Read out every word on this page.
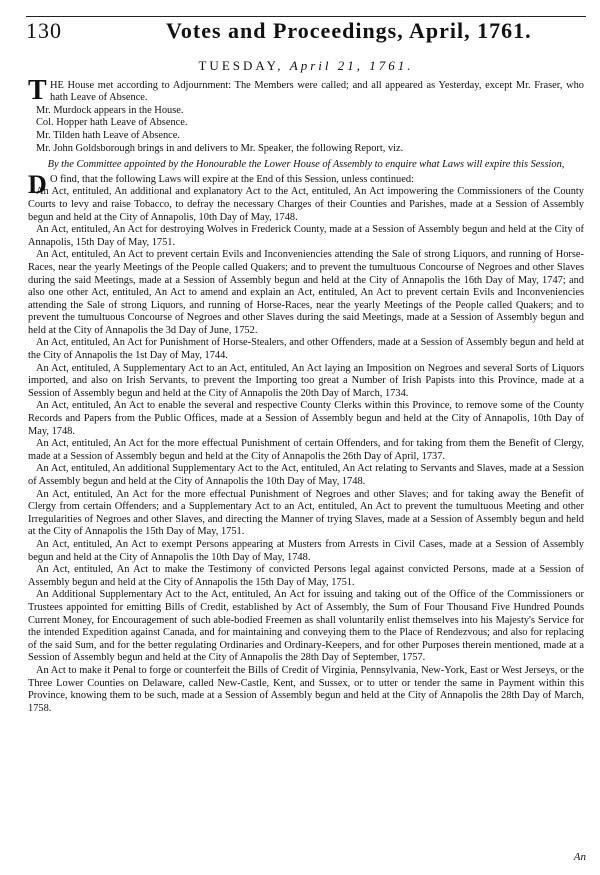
130	Votes and Proceedings, April, 1761.
TUESDAY, April 21, 1761.
T HE House met according to Adjournment: The Members were called; and all appeared as Yesterday, except Mr. Fraser, who hath Leave of Absence.

Mr. Murdock appears in the House.

Col. Hopper hath Leave of Absence.

Mr. Tilden hath Leave of Absence.

Mr. John Goldsborough brings in and delivers to Mr. Speaker, the following Report, viz.

By the Committee appointed by the Honourable the Lower House of Assembly to enquire what Laws will expire this Session,

D O find, that the following Laws will expire at the End of this Session, unless continued:

An Act, entituled, An additional and explanatory Act to the Act, entituled, An Act impowering the Commissioners of the County Courts to levy and raise Tobacco, to defray the necessary Charges of their Counties and Parishes, made at a Session of Assembly begun and held at the City of Annapolis, 10th Day of May, 1748.

An Act, entituled, An Act for destroying Wolves in Frederick County, made at a Session of Assembly begun and held at the City of Annapolis, 15th Day of May, 1751.

An Act, entituled, An Act to prevent certain Evils and Inconveniencies attending the Sale of strong Liquors, and running of Horse-Races, near the yearly Meetings of the People called Quakers; and to prevent the tumultuous Concourse of Negroes and other Slaves during the said Meetings, made at a Session of Assembly begun and held at the City of Annapolis the 16th Day of May, 1747; and also one other Act, entituled, An Act to amend and explain an Act, entituled, An Act to prevent certain Evils and Inconveniencies attending the Sale of strong Liquors, and running of Horse-Races, near the yearly Meetings of the People called Quakers; and to prevent the tumultuous Concourse of Negroes and other Slaves during the said Meetings, made at a Session of Assembly begun and held at the City of Annapolis the 3d Day of June, 1752.

An Act, entituled, An Act for Punishment of Horse-Stealers, and other Offenders, made at a Session of Assembly begun and held at the City of Annapolis the 1st Day of May, 1744.

An Act, entituled, A Supplementary Act to an Act, entituled, An Act laying an Imposition on Negroes and several Sorts of Liquors imported, and also on Irish Servants, to prevent the Importing too great a Number of Irish Papists into this Province, made at a Session of Assembly begun and held at the City of Annapolis the 20th Day of March, 1734.

An Act, entituled, An Act to enable the several and respective County Clerks within this Province, to remove some of the County Records and Papers from the Public Offices, made at a Session of Assembly begun and held at the City of Annapolis, 10th Day of May, 1748.

An Act, entituled, An Act for the more effectual Punishment of certain Offenders, and for taking from them the Benefit of Clergy, made at a Session of Assembly begun and held at the City of Annapolis the 26th Day of April, 1737.

An Act, entituled, An additional Supplementary Act to the Act, entituled, An Act relating to Servants and Slaves, made at a Session of Assembly begun and held at the City of Annapolis the 10th Day of May, 1748.

An Act, entituled, An Act for the more effectual Punishment of Negroes and other Slaves; and for taking away the Benefit of Clergy from certain Offenders; and a Supplementary Act to an Act, entituled, An Act to prevent the tumultuous Meeting and other Irregularities of Negroes and other Slaves, and directing the Manner of trying Slaves, made at a Session of Assembly begun and held at the City of Annapolis the 15th Day of May, 1751.

An Act, entituled, An Act to exempt Persons appearing at Musters from Arrests in Civil Cases, made at a Session of Assembly begun and held at the City of Annapolis the 10th Day of May, 1748.

An Act, entituled, An Act to make the Testimony of convicted Persons legal against convicted Persons, made at a Session of Assembly begun and held at the City of Annapolis the 15th Day of May, 1751.

An Additional Supplementary Act to the Act, entituled, An Act for issuing and taking out of the Office of the Commissioners or Trustees appointed for emitting Bills of Credit, established by Act of Assembly, the Sum of Four Thousand Five Hundred Pounds Current Money, for Encouragement of such able-bodied Freemen as shall voluntarily enlist themselves into his Majesty's Service for the intended Expedition against Canada, and for maintaining and conveying them to the Place of Rendezvous; and also for replacing of the said Sum, and for the better regulating Ordinaries and Ordinary-Keepers, and for other Purposes therein mentioned, made at a Session of Assembly begun and held at the City of Annapolis the 28th Day of September, 1757.

An Act to make it Penal to forge or counterfeit the Bills of Credit of Virginia, Pennsylvania, New-York, East or West Jerseys, or the Three Lower Counties on Delaware, called New-Castle, Kent, and Sussex, or to utter or tender the same in Payment within this Province, knowing them to be such, made at a Session of Assembly begun and held at the City of Annapolis the 28th Day of March, 1758.

An
